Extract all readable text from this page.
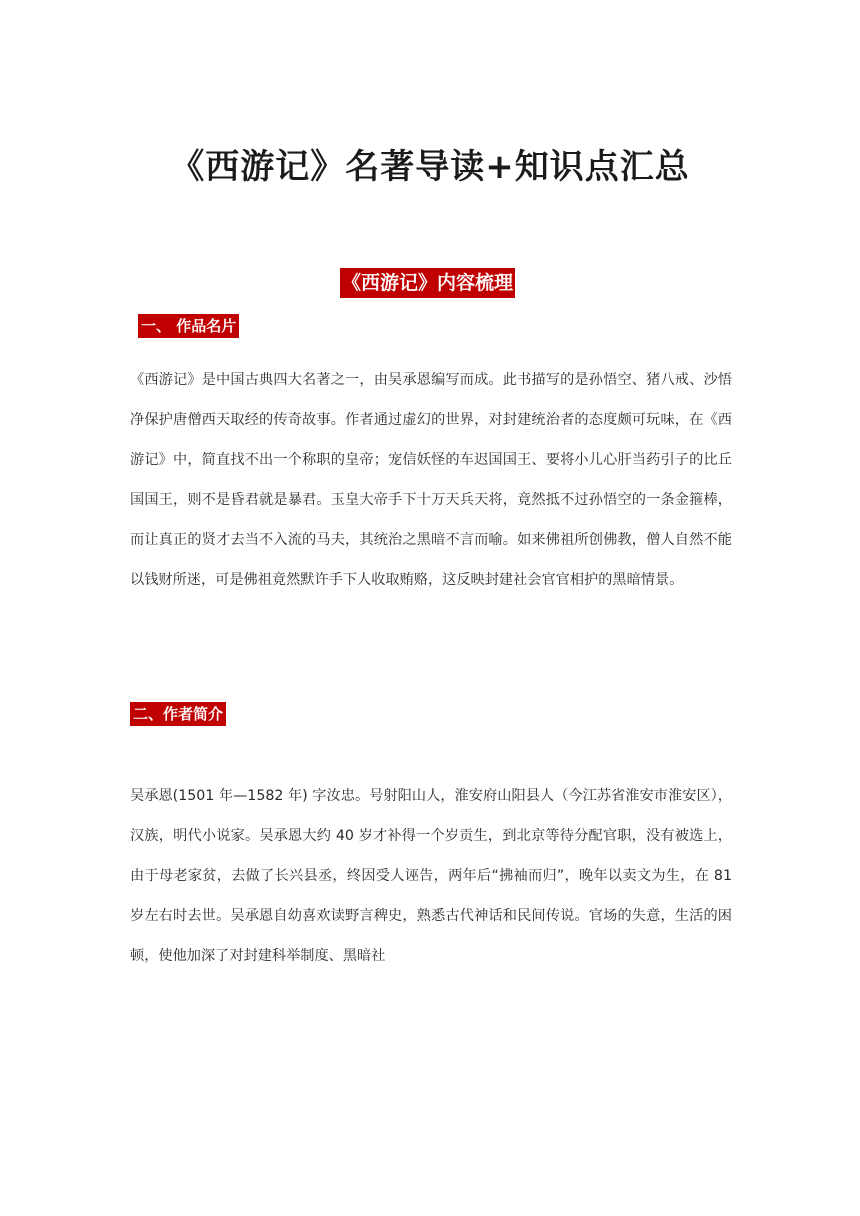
《西游记》名著导读+知识点汇总
《西游记》内容梳理
一、 作品名片

《西游记》是中国古典四大名著之一，由吴承恩编写而成。此书描写的是孙悟空、猪八戒、沙悟净保护唐僧西天取经的传奇故事。作者通过虚幻的世界，对封建统治者的态度颇可玩味，在《西游记》中，简直找不出一个称职的皇帝；宠信妖怪的车迟国国王、要将小儿心肝当药引子的比丘国国王，则不是昏君就是暴君。玉皇大帝手下十万天兵天将，竟然抵不过孙悟空的一条金箍棒，而让真正的贤才去当不入流的马夫，其统治之黑暗不言而喻。如来佛祖所创佛教，僧人自然不能以钱财所迷，可是佛祖竟然默许手下人收取贿赂，这反映封建社会官官相护的黑暗情景。

二、作者简介

吴承恩(1501 年—1582 年) 字汝忠。号射阳山人，淮安府山阳县人（今江苏省淮安市淮安区），汉族，明代小说家。吴承恩大约 40 岁才补得一个岁贡生，到北京等待分配官职，没有被选上，由于母老家贫，去做了长兴县丞，终因受人诬告，两年后“拂袖而归”，晚年以卖文为生，在 81 岁左右时去世。吴承恩自幼喜欢读野言稗史，熟悉古代神话和民间传说。官场的失意，生活的困顿，使他加深了对封建科举制度、黑暗社
